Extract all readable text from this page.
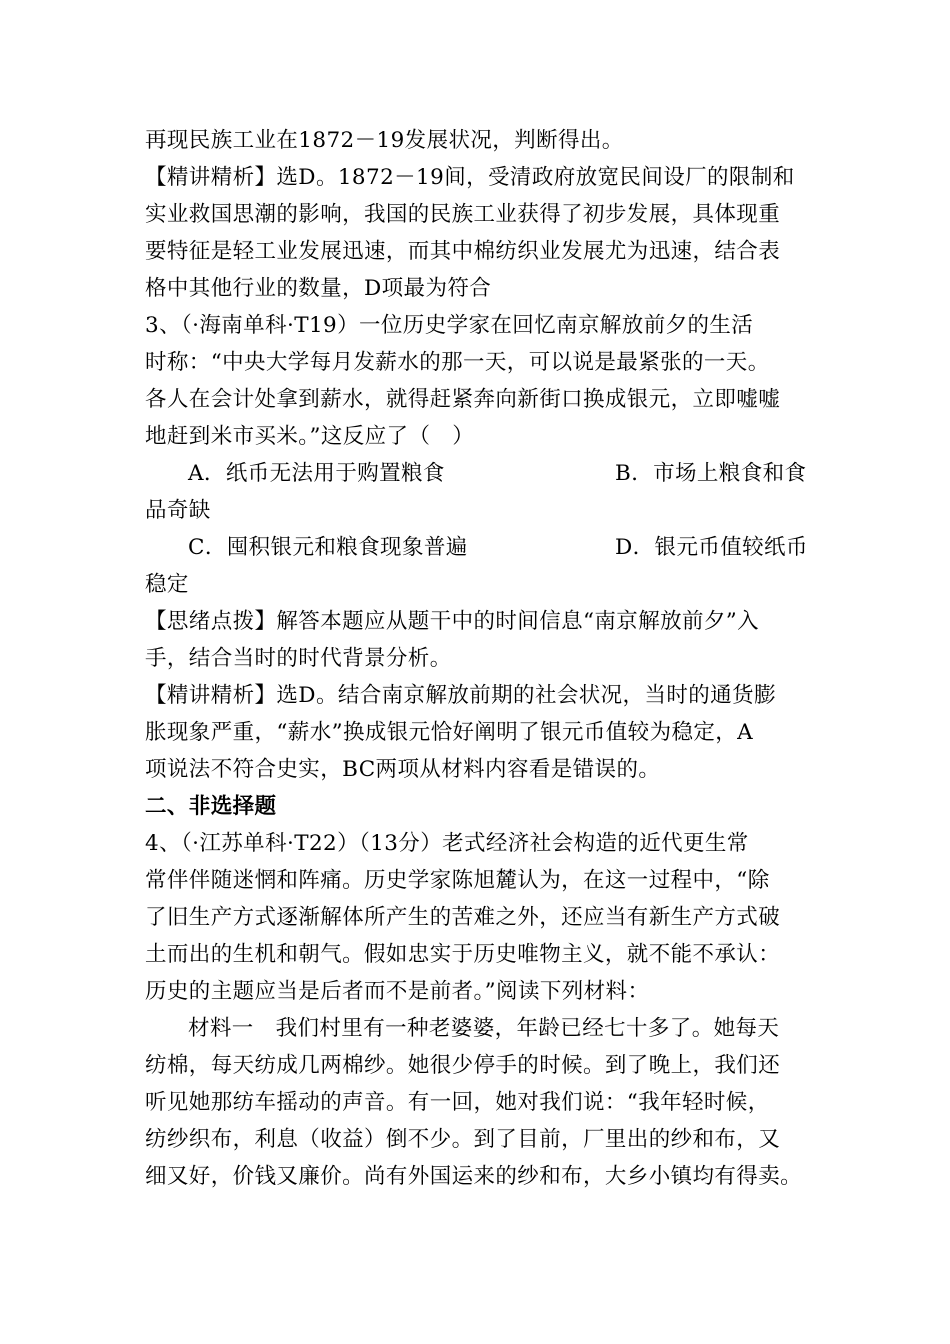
再现民族工业在1872－19发展状况，判断得出。
【精讲精析】选D。1872－19间，受清政府放宽民间设厂的限制和
实业救国思潮的影响，我国的民族工业获得了初步发展，具体现重
要特征是轻工业发展迅速，而其中棉纺织业发展尤为迅速，结合表
格中其他行业的数量，D项最为符合
3、（·海南单科·T19）一位历史学家在回忆南京解放前夕的生活
时称：“中央大学每月发薪水的那一天，可以说是最紧张的一天。
各人在会计处拿到薪水，就得赶紧奔向新街口换成银元，立即嘘嘘
地赶到米市买米。”这反应了（　）
A．纸币无法用于购置粮食	B．市场上粮食和食
品奇缺
C．囤积银元和粮食现象普遍	D．银元币值较纸币
稳定
【思绪点拨】解答本题应从题干中的时间信息“南京解放前夕”入
手，结合当时的时代背景分析。
【精讲精析】选D。结合南京解放前期的社会状况，当时的通货膨
胀现象严重，“薪水”换成银元恰好阐明了银元币值较为稳定，A
项说法不符合史实，BC两项从材料内容看是错误的。
二、非选择题
4、（·江苏单科·T22）（13分）老式经济社会构造的近代更生常
常伴伴随迷惘和阵痛。历史学家陈旭麓认为，在这一过程中，“除
了旧生产方式逐渐解体所产生的苦难之外，还应当有新生产方式破
土而出的生机和朝气。假如忠实于历史唯物主义，就不能不承认：
历史的主题应当是后者而不是前者。”阅读下列材料：
材料一　我们村里有一种老婆婆，年龄已经七十多了。她每天
纺棉，每天纺成几两棉纱。她很少停手的时候。到了晚上，我们还
听见她那纺车摇动的声音。有一回，她对我们说：“我年轻时候，
纺纱织布，利息（收益）倒不少。到了目前，厂里出的纱和布，又
细又好，价钱又廉价。尚有外国运来的纱和布，大乡小镇均有得卖。
